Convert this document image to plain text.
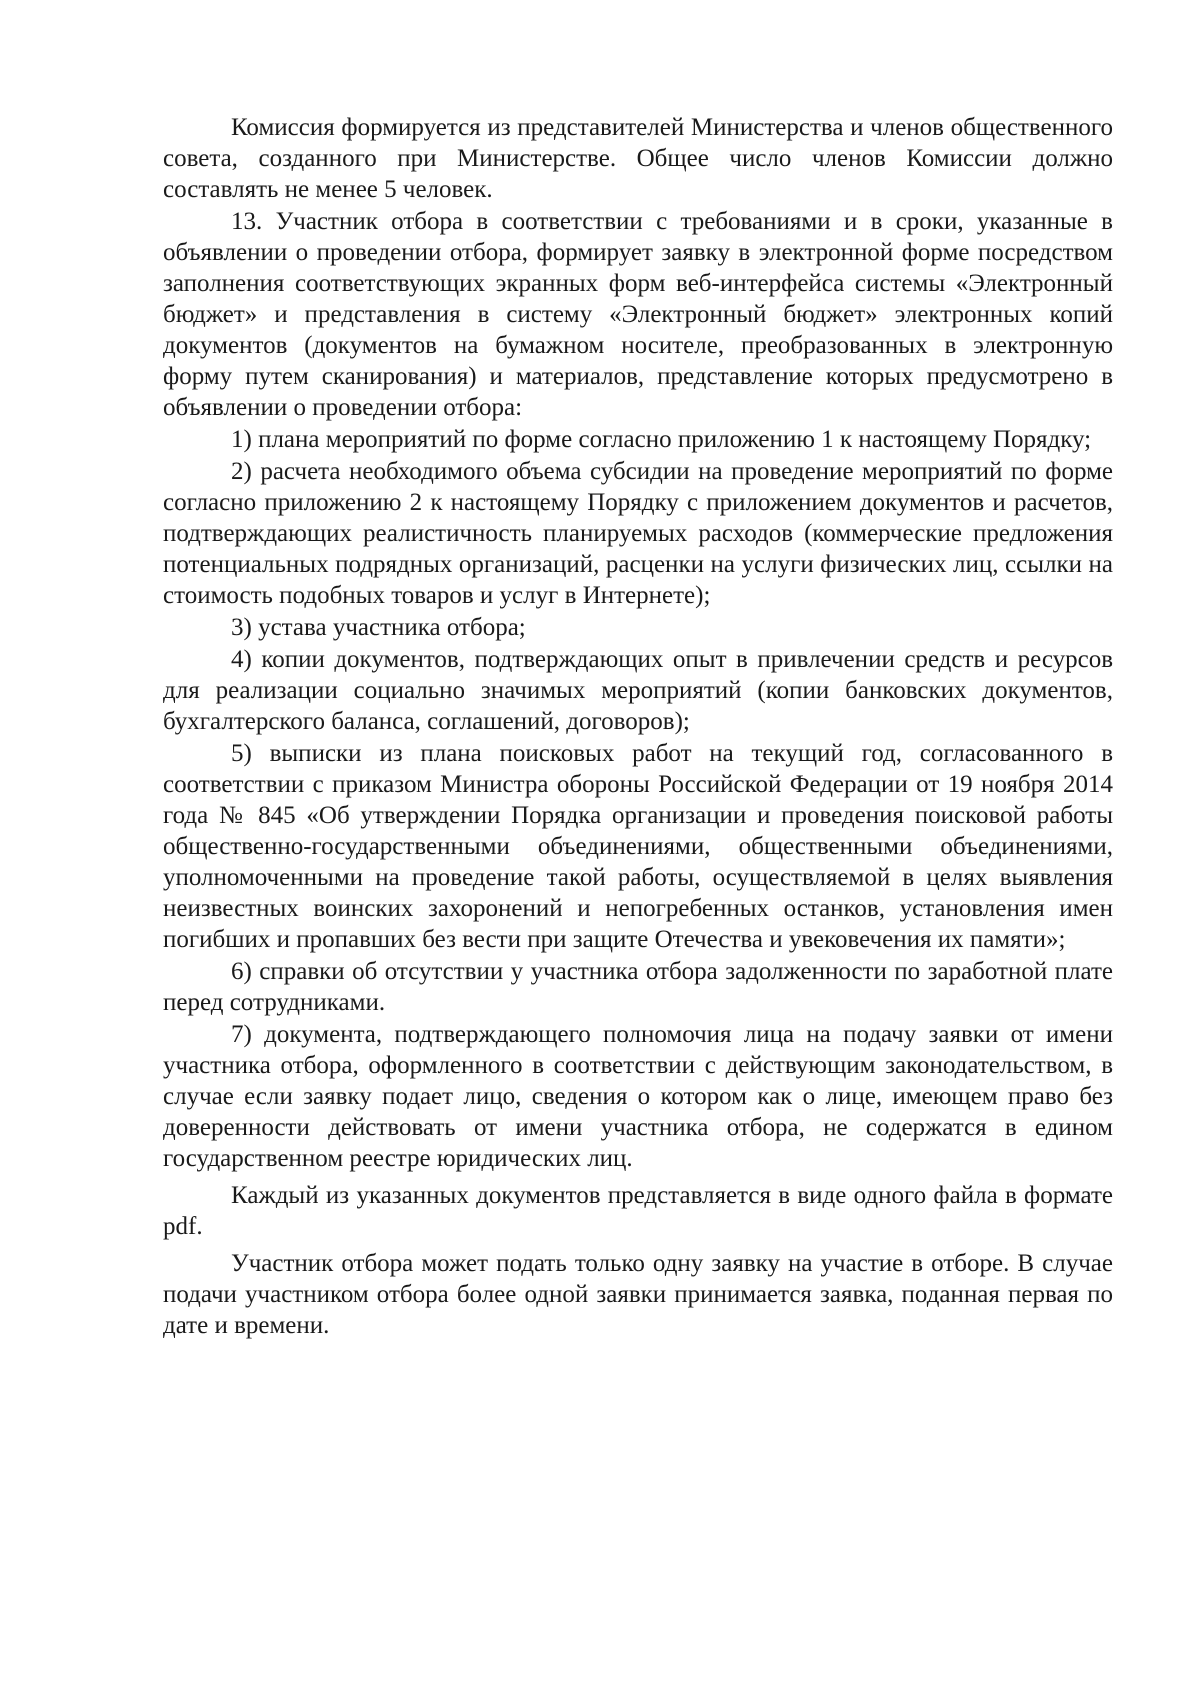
Комиссия формируется из представителей Министерства и членов общественного совета, созданного при Министерстве. Общее число членов Комиссии должно составлять не менее 5 человек.

13. Участник отбора в соответствии с требованиями и в сроки, указанные в объявлении о проведении отбора, формирует заявку в электронной форме посредством заполнения соответствующих экранных форм веб-интерфейса системы «Электронный бюджет» и представления в систему «Электронный бюджет» электронных копий документов (документов на бумажном носителе, преобразованных в электронную форму путем сканирования) и материалов, представление которых предусмотрено в объявлении о проведении отбора:

1) плана мероприятий по форме согласно приложению 1 к настоящему Порядку;

2) расчета необходимого объема субсидии на проведение мероприятий по форме согласно приложению 2 к настоящему Порядку с приложением документов и расчетов, подтверждающих реалистичность планируемых расходов (коммерческие предложения потенциальных подрядных организаций, расценки на услуги физических лиц, ссылки на стоимость подобных товаров и услуг в Интернете);

3) устава участника отбора;

4) копии документов, подтверждающих опыт в привлечении средств и ресурсов для реализации социально значимых мероприятий (копии банковских документов, бухгалтерского баланса, соглашений, договоров);

5) выписки из плана поисковых работ на текущий год, согласованного в соответствии с приказом Министра обороны Российской Федерации от 19 ноября 2014 года № 845 «Об утверждении Порядка организации и проведения поисковой работы общественно-государственными объединениями, общественными объединениями, уполномоченными на проведение такой работы, осуществляемой в целях выявления неизвестных воинских захоронений и непогребенных останков, установления имен погибших и пропавших без вести при защите Отечества и увековечения их памяти»;

6) справки об отсутствии у участника отбора задолженности по заработной плате перед сотрудниками.

7) документа, подтверждающего полномочия лица на подачу заявки от имени участника отбора, оформленного в соответствии с действующим законодательством, в случае если заявку подает лицо, сведения о котором как о лице, имеющем право без доверенности действовать от имени участника отбора, не содержатся в едином государственном реестре юридических лиц.

Каждый из указанных документов представляется в виде одного файла в формате pdf.

Участник отбора может подать только одну заявку на участие в отборе. В случае подачи участником отбора более одной заявки принимается заявка, поданная первая по дате и времени.
